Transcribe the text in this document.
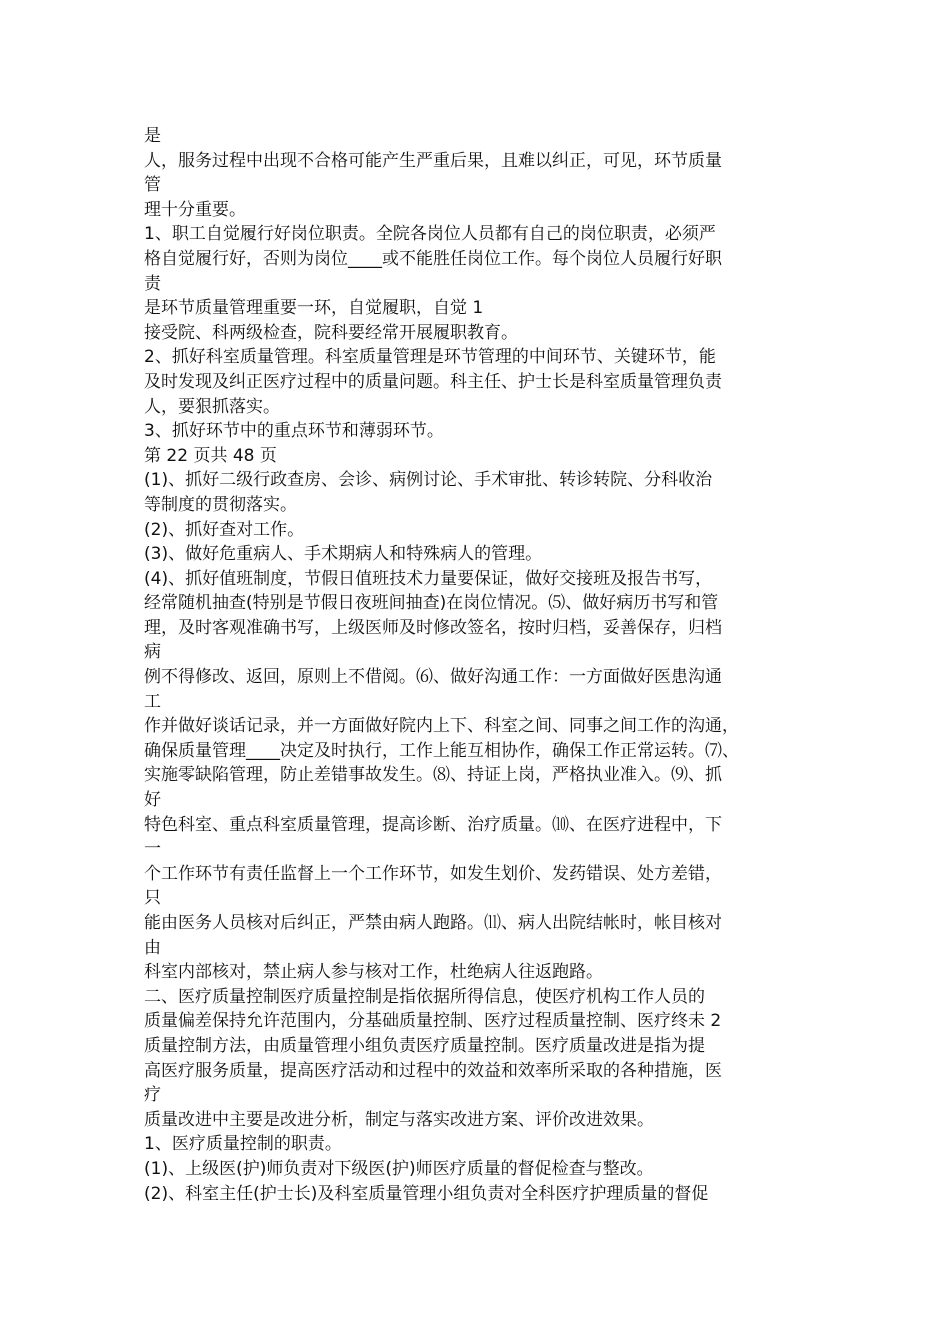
是
人，服务过程中出现不合格可能产生严重后果，且难以纠正，可见，环节质量
管
理十分重要。
1、职工自觉履行好岗位职责。全院各岗位人员都有自己的岗位职责，必须严
格自觉履行好，否则为岗位____或不能胜任岗位工作。每个岗位人员履行好职
责
是环节质量管理重要一环，自觉履职，自觉 1
接受院、科两级检查，院科要经常开展履职教育。
2、抓好科室质量管理。科室质量管理是环节管理的中间环节、关键环节，能
及时发现及纠正医疗过程中的质量问题。科主任、护士长是科室质量管理负责
人，要狠抓落实。
3、抓好环节中的重点环节和薄弱环节。
第 22 页共 48 页
(1)、抓好二级行政查房、会诊、病例讨论、手术审批、转诊转院、分科收治
等制度的贯彻落实。
(2)、抓好查对工作。
(3)、做好危重病人、手术期病人和特殊病人的管理。
(4)、抓好值班制度，节假日值班技术力量要保证，做好交接班及报告书写，
经常随机抽查(特别是节假日夜班间抽查)在岗位情况。⑸、做好病历书写和管
理，及时客观准确书写，上级医师及时修改签名，按时归档，妥善保存，归档
病
例不得修改、返回，原则上不借阅。⑹、做好沟通工作：一方面做好医患沟通
工
作并做好谈话记录，并一方面做好院内上下、科室之间、同事之间工作的沟通，
确保质量管理____决定及时执行，工作上能互相协作，确保工作正常运转。⑺、
实施零缺陷管理，防止差错事故发生。⑻、持证上岗，严格执业准入。⑼、抓
好
特色科室、重点科室质量管理，提高诊断、治疗质量。⑽、在医疗进程中，下
一
个工作环节有责任监督上一个工作环节，如发生划价、发药错误、处方差错，
只
能由医务人员核对后纠正，严禁由病人跑路。⑾、病人出院结帐时，帐目核对
由
科室内部核对，禁止病人参与核对工作，杜绝病人往返跑路。
二、医疗质量控制医疗质量控制是指依据所得信息，使医疗机构工作人员的
质量偏差保持允许范围内，分基础质量控制、医疗过程质量控制、医疗终未 2
质量控制方法，由质量管理小组负责医疗质量控制。医疗质量改进是指为提
高医疗服务质量，提高医疗活动和过程中的效益和效率所采取的各种措施，医
疗
质量改进中主要是改进分析，制定与落实改进方案、评价改进效果。
1、医疗质量控制的职责。
(1)、上级医(护)师负责对下级医(护)师医疗质量的督促检查与整改。
(2)、科室主任(护士长)及科室质量管理小组负责对全科医疗护理质量的督促
